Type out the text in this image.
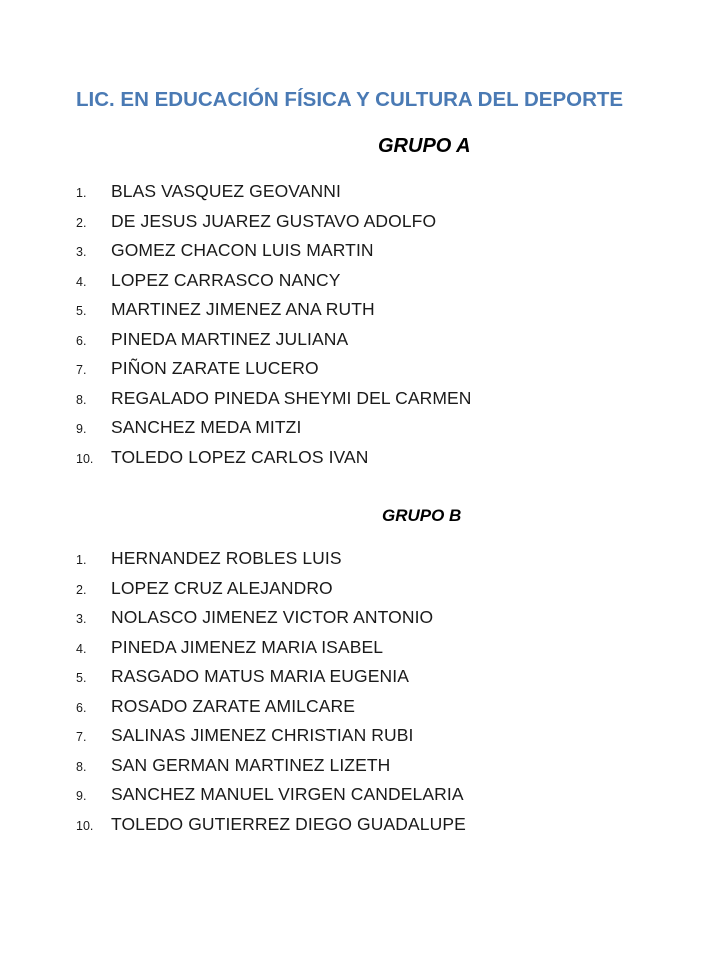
LIC. EN EDUCACIÓN FÍSICA Y CULTURA DEL DEPORTE
GRUPO A
1. BLAS VASQUEZ GEOVANNI
2. DE JESUS JUAREZ GUSTAVO ADOLFO
3. GOMEZ CHACON LUIS MARTIN
4. LOPEZ CARRASCO NANCY
5. MARTINEZ JIMENEZ ANA RUTH
6. PINEDA MARTINEZ JULIANA
7. PIÑON ZARATE LUCERO
8. REGALADO PINEDA SHEYMI DEL CARMEN
9. SANCHEZ MEDA MITZI
10. TOLEDO LOPEZ CARLOS IVAN
GRUPO B
1. HERNANDEZ ROBLES LUIS
2. LOPEZ CRUZ ALEJANDRO
3. NOLASCO JIMENEZ VICTOR ANTONIO
4. PINEDA JIMENEZ MARIA ISABEL
5. RASGADO MATUS MARIA EUGENIA
6. ROSADO ZARATE AMILCARE
7. SALINAS JIMENEZ CHRISTIAN RUBI
8. SAN GERMAN MARTINEZ LIZETH
9. SANCHEZ MANUEL VIRGEN CANDELARIA
10. TOLEDO GUTIERREZ DIEGO GUADALUPE
